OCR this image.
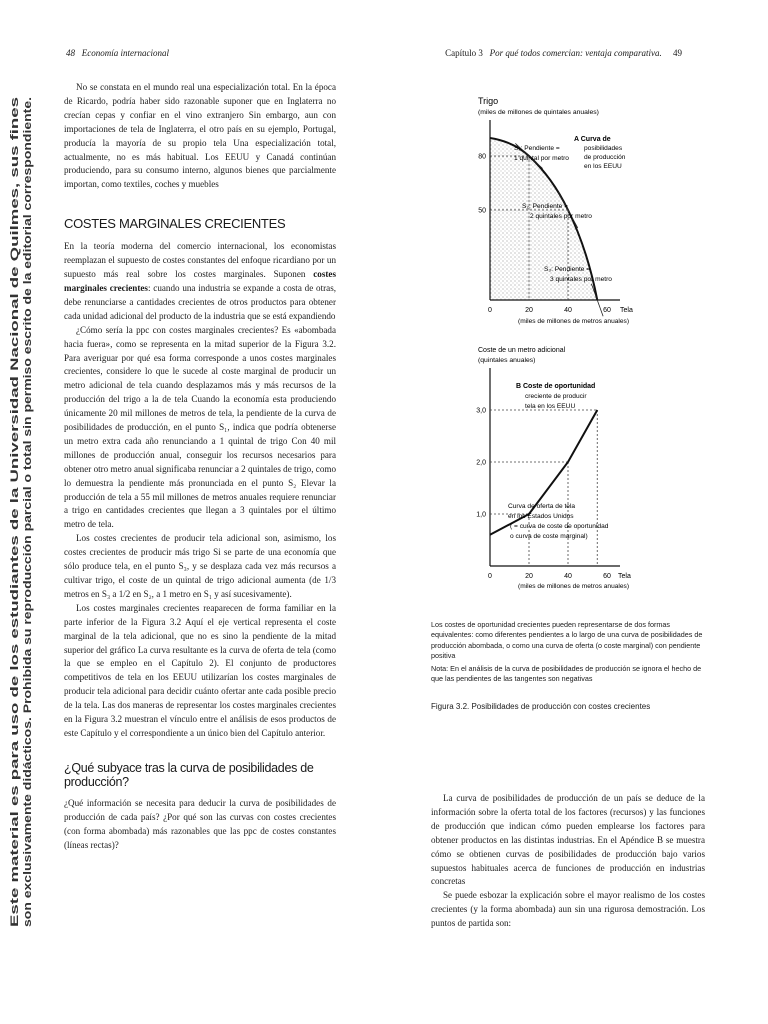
48 Economía internacional	Capítulo 3 Por qué todos comercian: ventaja comparativa. 49
Este material es para uso de los estudiantes de la Universidad Nacional de Quilmes, sus fines son exclusivamente didácticos. Prohibida su reproducción parcial o total sin permiso escrito de la editorial correspondiente.

No se constata en el mundo real una especialización total. En la época de Ricardo, podría haber sido razonable suponer que en Inglaterra no crecían cepas y confiar en el vino extranjero Sin embargo, aun con importaciones de tela de Inglaterra, el otro país en su ejemplo, Portugal, producía la mayoría de su propio tela Una especialización total, actualmente, no es más habitual. Los EEUU y Canadá continúan produciendo, para su consumo interno, algunos bienes que parcialmente importan, como textiles, coches y muebles

COSTES MARGINALES CRECIENTES

En la teoría moderna del comercio internacional, los economistas reemplazan el supuesto de costes constantes del enfoque ricardiano por un supuesto más real sobre los costes marginales. Suponen costes marginales crecientes: cuando una industria se expande a costa de otras, debe renunciarse a cantidades crecientes de otros productos para obtener cada unidad adicional del producto de la industria que se está expandiendo

¿Cómo sería la ppc con costes marginales crecientes? Es «abombada hacia fuera», como se representa en la mitad superior de la Figura 3.2. Para averiguar por qué esa forma corresponde a unos costes marginales crecientes, considere lo que le sucede al coste marginal de producir un metro adicional de tela cuando desplazamos más y más recursos de la producción del trigo a la de tela Cuando la economía esta produciendo únicamente 20 mil millones de metros de tela, la pendiente de la curva de posibilidades de producción, en el punto S₁, indica que podría obtenerse un metro extra cada año renunciando a 1 quintal de trigo Con 40 mil millones de producción anual, conseguir los recursos necesarios para obtener otro metro anual significaba renunciar a 2 quintales de trigo, como lo demuestra la pendiente más pronunciada en el punto S₂ Elevar la producción de tela a 55 mil millones de metros anuales requiere renunciar a trigo en cantidades crecientes que llegan a 3 quintales por el último metro de tela.

Los costes crecientes de producir tela adicional son, asimismo, los costes crecientes de producir más trigo Si se parte de una economía que sólo produce tela, en el punto S₃, y se desplaza cada vez más recursos a cultivar trigo, el coste de un quintal de trigo adicional aumenta (de 1/3 metros en S₃ a 1/2 en S₂, a 1 metro en S₁ y así sucesivamente).

Los costes marginales crecientes reaparecen de forma familiar en la parte inferior de la Figura 3.2 Aquí el eje vertical representa el coste marginal de la tela adicional, que no es sino la pendiente de la mitad superior del gráfico La curva resultante es la curva de oferta de tela (como la que se empleo en el Capítulo 2). El conjunto de productores competitivos de tela en los EEUU utilizarían los costes marginales de producir tela adicional para decidir cuánto ofertar ante cada posible precio de la tela. Las dos maneras de representar los costes marginales crecientes en la Figura 3.2 muestran el vínculo entre el análisis de esos productos de este Capítulo y el correspondiente a un único bien del Capítulo anterior.

¿Qué subyace tras la curva de posibilidades de producción?

¿Qué información se necesita para deducir la curva de posibilidades de producción de cada país? ¿Por qué son las curvas con costes crecientes (con forma abombada) más razonables que las ppc de costes constantes (líneas rectas)?

Trigo
(miles de millones de quintales anuales)
80
50
0	20	40	60 Tela
(miles de millones de metros anuales)
A Curva de
posibilidades
de producción
en los EEUU
S₁: Pendiente =
1 quintal por metro
S₂: Pendiente =
2 quintales por metro
S₃: Pendiente =
3 quintales por metro
Coste de un metro adicional
(quintales anuales)
3,0
2,0
1,0
B Coste de oportunidad
creciente de producir
tela en los EEUU
Curva de oferta de tela
en los Estados Unidos
( = curva de coste de oportunidad
o curva de coste marginal)
0	20	40	60 Tela
(miles de millones de metros anuales)

Los costes de oportunidad crecientes pueden representarse de dos formas equivalentes: como diferentes pendientes a lo largo de una curva de posibilidades de producción abombada, o como una curva de oferta (o coste marginal) con pendiente positiva

Nota: En el análisis de la curva de posibilidades de producción se ignora el hecho de que las pendientes de las tangentes son negativas

Figura 3.2. Posibilidades de producción con costes crecientes

La curva de posibilidades de producción de un país se deduce de la información sobre la oferta total de los factores (recursos) y las funciones de producción que indican cómo pueden emplearse los factores para obtener productos en las distintas industrias. En el Apéndice B se muestra cómo se obtienen curvas de posibilidades de producción bajo varios supuestos habituales acerca de funciones de producción en industrias concretas

Se puede esbozar la explicación sobre el mayor realismo de los costes crecientes (y la forma abombada) aun sin una rigurosa demostración. Los puntos de partida son:
